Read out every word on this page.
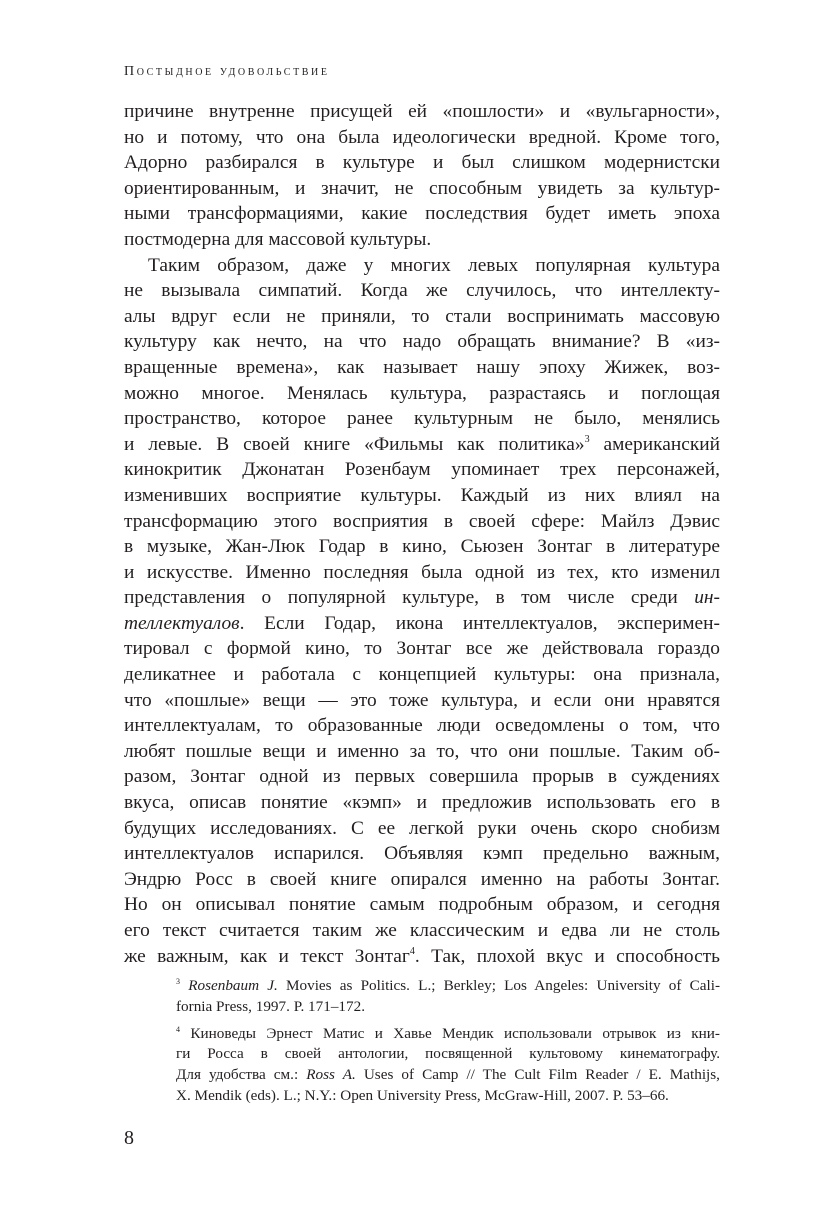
Постыдное удовольствие
причине внутренне присущей ей «пошлости» и «вульгарности»,
но и потому, что она была идеологически вредной. Кроме того,
Адорно разбирался в культуре и был слишком модернистски
ориентированным, и значит, не способным увидеть за культур-
ными трансформациями, какие последствия будет иметь эпоха
постмодерна для массовой культуры.
Таким образом, даже у многих левых популярная культура
не вызывала симпатий. Когда же случилось, что интеллекту-
алы вдруг если не приняли, то стали воспринимать массовую
культуру как нечто, на что надо обращать внимание? В «из-
вращенные времена», как называет нашу эпоху Жижек, воз-
можно многое. Менялась культура, разрастаясь и поглощая
пространство, которое ранее культурным не было, менялись
и левые. В своей книге «Фильмы как политика»$^3$ американский
кинокритик Джонатан Розенбаум упоминает трех персонажей,
изменивших восприятие культуры. Каждый из них влиял на
трансформацию этого восприятия в своей сфере: Майлз Дэвис
в музыке, Жан-Люк Годар в кино, Сьюзен Зонтаг в литературе
и искусстве. Именно последняя была одной из тех, кто изменил
представления о популярной культуре, в том числе среди ин-
теллектуалов. Если Годар, икона интеллектуалов, эксперимен-
тировал с формой кино, то Зонтаг все же действовала гораздо
деликатнее и работала с концепцией культуры: она признала,
что «пошлые» вещи — это тоже культура, и если они нравятся
интеллектуалам, то образованные люди осведомлены о том, что
любят пошлые вещи и именно за то, что они пошлые. Таким об-
разом, Зонтаг одной из первых совершила прорыв в суждениях
вкуса, описав понятие «кэмп» и предложив использовать его в
будущих исследованиях. С ее легкой руки очень скоро снобизм
интеллектуалов испарился. Объявляя кэмп предельно важным,
Эндрю Росс в своей книге опирался именно на работы Зонтаг.
Но он описывал понятие самым подробным образом, и сегодня
его текст считается таким же классическим и едва ли не столь
же важным, как и текст Зонтаг$^4$. Так, плохой вкус и способность
$^3$ Rosenbaum J. Movies as Politics. L.; Berkley; Los Angeles: University of Cali-
fornia Press, 1997. P. 171–172.
$^4$ Киноведы Эрнест Матис и Хавье Мендик использовали отрывок из кни-
ги Росса в своей антологии, посвященной культовому кинематографу.
Для удобства см.: Ross A. Uses of Camp // The Cult Film Reader / E. Mathijs,
X. Mendik (eds). L.; N.Y.: Open University Press, McGraw-Hill, 2007. P. 53–66.
8
